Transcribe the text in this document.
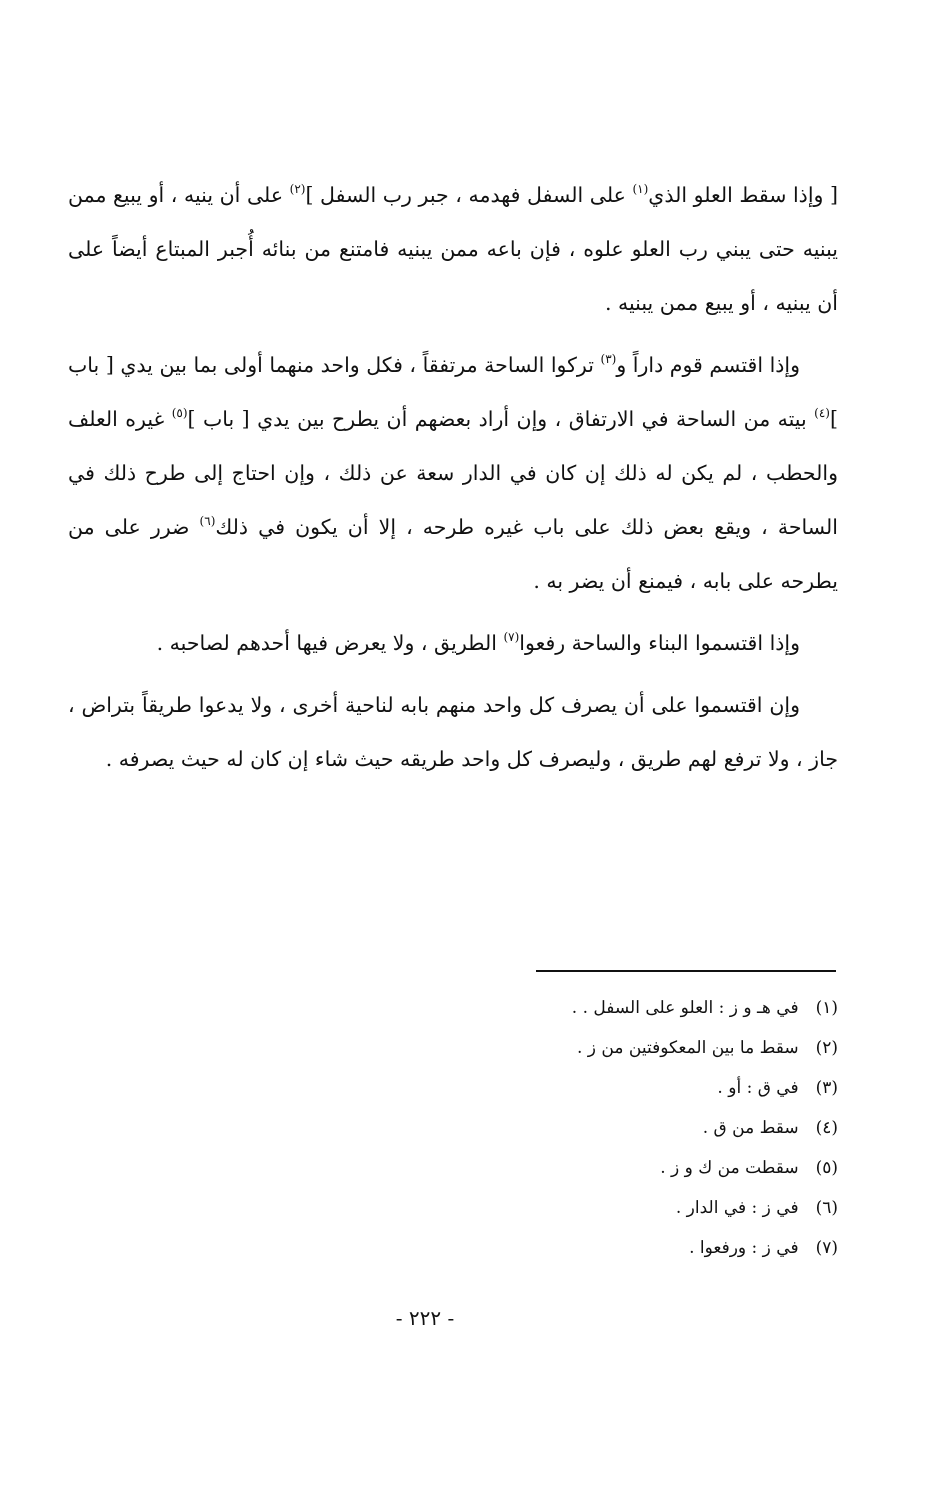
[ وإذا سقط العلو الذي$^{(١)}$ على السفل فهدمه ، جبر رب السفل ]$^{(٢)}$ على أن ينيه ، أو يبيع ممن يبنيه حتى يبني رب العلو علوه ، فإن باعه ممن يبنيه فامتنع من بنائه أُجبر المبتاع أيضاً على أن يبنيه ، أو يبيع ممن يبنيه .

وإذا اقتسم قوم داراً و$^{(٣)}$ تركوا الساحة مرتفقاً ، فكل واحد منهما أولى بما بين يدي [ باب ]$^{(٤)}$ بيته من الساحة في الارتفاق ، وإن أراد بعضهم أن يطرح بين يدي [ باب ]$^{(٥)}$ غيره العلف والحطب ، لم يكن له ذلك إن كان في الدار سعة عن ذلك ، وإن احتاج إلى طرح ذلك في الساحة ، ويقع بعض ذلك على باب غيره طرحه ، إلا أن يكون في ذلك$^{(٦)}$ ضرر على من يطرحه على بابه ، فيمنع أن يضر به .

وإذا اقتسموا البناء والساحة رفعوا$^{(٧)}$ الطريق ، ولا يعرض فيها أحدهم لصاحبه .

وإن اقتسموا على أن يصرف كل واحد منهم بابه لناحية أخرى ، ولا يدعوا طريقاً بتراض ، جاز ، ولا ترفع لهم طريق ، وليصرف كل واحد طريقه حيث شاء إن كان له حيث يصرفه .

(١) في هـ و ز : العلو على السفل . .
(٢) سقط ما بين المعكوفتين من ز .
(٣) في ق : أو .
(٤) سقط من ق .
(٥) سقطت من ك و ز .
(٦) في ز : في الدار .
(٧) في ز : ورفعوا .
- ٢٢٢ -
